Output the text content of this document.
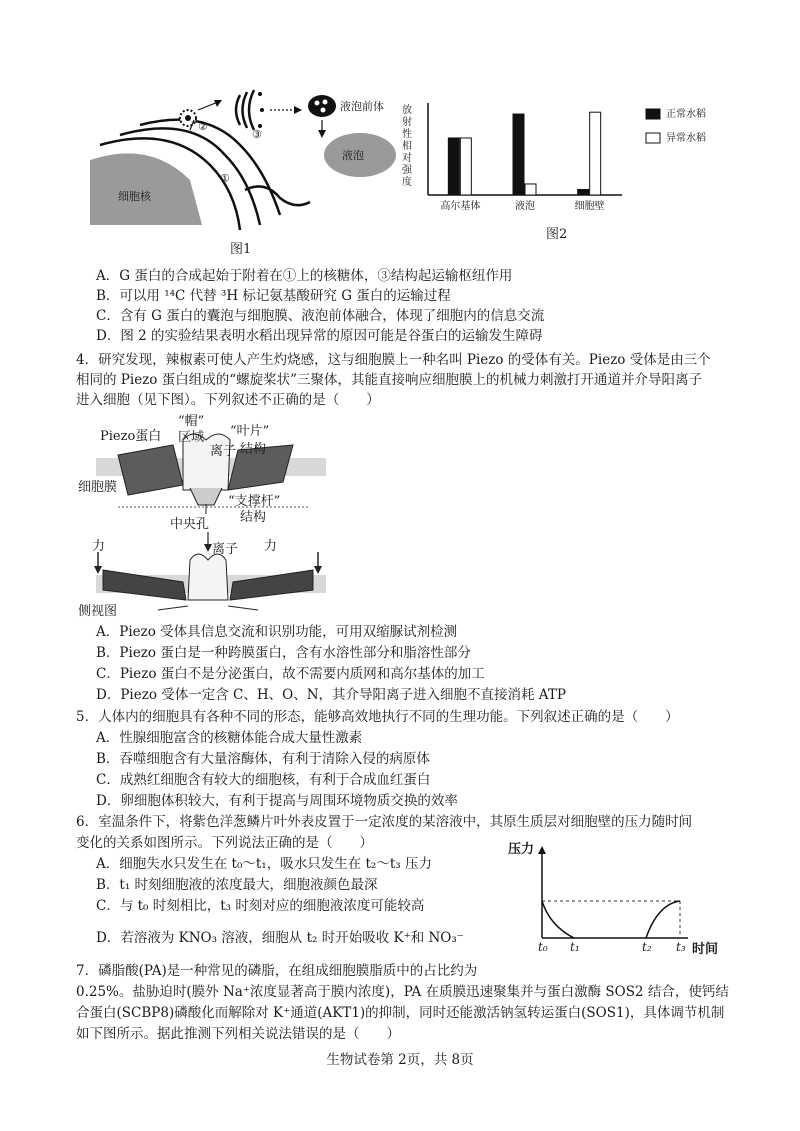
细胞核
液泡
液泡前体
①
②
③
图1
放
射
性
相
对
强
度
高尔基体	液泡	细胞壁
正常水稻
异常水稻
图2
A．G 蛋白的合成起始于附着在①上的核糖体，③结构起运输枢纽作用
B．可以用 ¹⁴C 代替 ³H 标记氨基酸研究 G 蛋白的运输过程
C．含有 G 蛋白的囊泡与细胞膜、液泡前体融合，体现了细胞内的信息交流
D．图 2 的实验结果表明水稻出现异常的原因可能是谷蛋白的运输发生障碍
4．研究发现，辣椒素可使人产生灼烧感，这与细胞膜上一种名叫 Piezo 的受体有关。Piezo 受体是由三个
相同的 Piezo 蛋白组成的“螺旋桨状”三聚体，其能直接响应细胞膜上的机械力刺激打开通道并介导阳离子
进入细胞（见下图）。下列叙述不正确的是（　　）
Piezo蛋白
“帽”
区域 “叶片”
结构
离子
细胞膜
“支撑杆”
结构
中央孔
力	离子 力
侧视图
A．Piezo 受体具信息交流和识别功能，可用双缩脲试剂检测
B．Piezo 蛋白是一种跨膜蛋白，含有水溶性部分和脂溶性部分
C．Piezo 蛋白不是分泌蛋白，故不需要内质网和高尔基体的加工
D．Piezo 受体一定含 C、H、O、N，其介导阳离子进入细胞不直接消耗 ATP
5．人体内的细胞具有各种不同的形态，能够高效地执行不同的生理功能。下列叙述正确的是（　　）
A．性腺细胞富含的核糖体能合成大量性激素
B．吞噬细胞含有大量溶酶体，有利于清除入侵的病原体
C．成熟红细胞含有较大的细胞核，有利于合成血红蛋白
D．卵细胞体积较大，有利于提高与周围环境物质交换的效率
6．室温条件下，将紫色洋葱鳞片叶外表皮置于一定浓度的某溶液中，其原生质层对细胞壁的压力随时间
变化的关系如图所示。下列说法正确的是（　　）
A．细胞失水只发生在 t₀～t₁，吸水只发生在 t₂～t₃ 压力
B．t₁ 时刻细胞液的浓度最大，细胞液颜色最深
C．与 t₀ 时刻相比，t₃ 时刻对应的细胞液浓度可能较高
D．若溶液为 KNO₃ 溶液，细胞从 t₂ 时开始吸收 K⁺和 NO₃⁻
压力
时间
t₀ t₁	t₂ t₃
7．磷脂酸(PA)是一种常见的磷脂，在组成细胞膜脂质中的占比约为
0.25%。盐胁迫时(膜外 Na⁺浓度显著高于膜内浓度)，PA 在质膜迅速聚集并与蛋白激酶 SOS2 结合，使钙结
合蛋白(SCBP8)磷酸化而解除对 K⁺通道(AKT1)的抑制，同时还能激活钠氢转运蛋白(SOS1)，具体调节机制
如下图所示。据此推测下列相关说法错误的是（　　）
生物试卷第 2页，共 8页
